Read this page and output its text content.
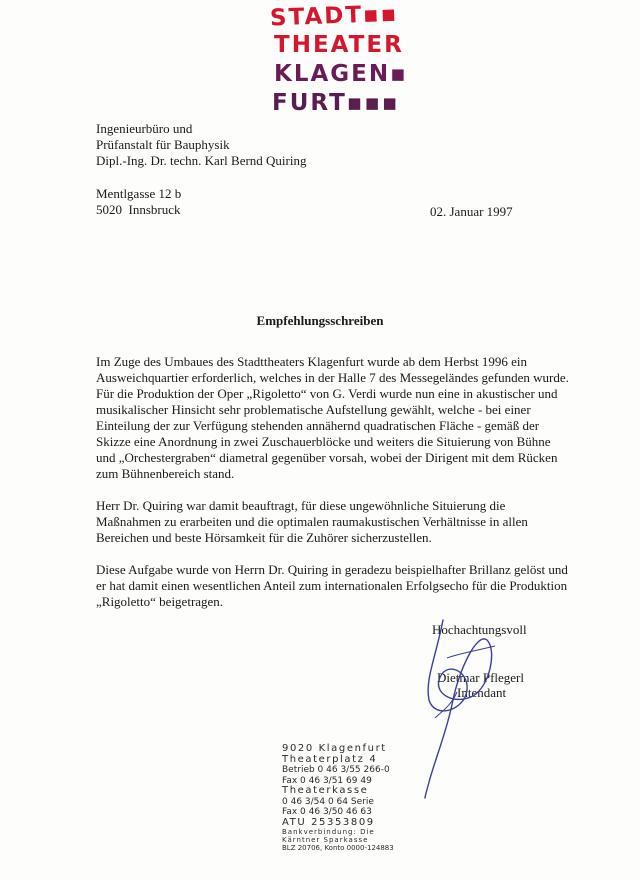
STADT▪▪
THEATER
KLAGEN▪
FURT▪▪▪
Ingenieurbüro und
Prüfanstalt für Bauphysik
Dipl.-Ing. Dr. techn. Karl Bernd Quiring
Mentlgasse 12 b
5020  Innsbruck	02. Januar 1997
Empfehlungsschreiben

Im Zuge des Umbaues des Stadttheaters Klagenfurt wurde ab dem Herbst 1996 ein Ausweichquartier erforderlich, welches in der Halle 7 des Messegeländes gefunden wurde. Für die Produktion der Oper „Rigoletto“ von G. Verdi wurde nun eine in akustischer und musikalischer Hinsicht sehr problematische Aufstellung gewählt, welche - bei einer Einteilung der zur Verfügung stehenden annähernd quadratischen Fläche - gemäß der Skizze eine Anordnung in zwei Zuschauerblöcke und weiters die Situierung von Bühne und „Orchestergraben“ diametral gegenüber vorsah, wobei der Dirigent mit dem Rücken zum Bühnenbereich stand.

Herr Dr. Quiring war damit beauftragt, für diese ungewöhnliche Situierung die Maßnahmen zu erarbeiten und die optimalen raumakustischen Verhältnisse in allen Bereichen und beste Hörsamkeit für die Zuhörer sicherzustellen.

Diese Aufgabe wurde von Herrn Dr. Quiring in geradezu beispielhafter Brillanz gelöst und er hat damit einen wesentlichen Anteil zum internationalen Erfolgsecho für die Produktion „Rigoletto“ beigetragen.

Hochachtungsvoll
Dietmar Pflegerl
Intendant
9020 Klagenfurt
Theaterplatz 4
Betrieb 0 46 3/55 266-0
Fax 0 46 3/51 69 49
Theaterkasse
0 46 3/54 0 64 Serie
Fax 0 46 3/50 46 63
ATU 25353809
Bankverbindung: Die
Kärntner Sparkasse
BLZ 20706, Konto 0000-124883
